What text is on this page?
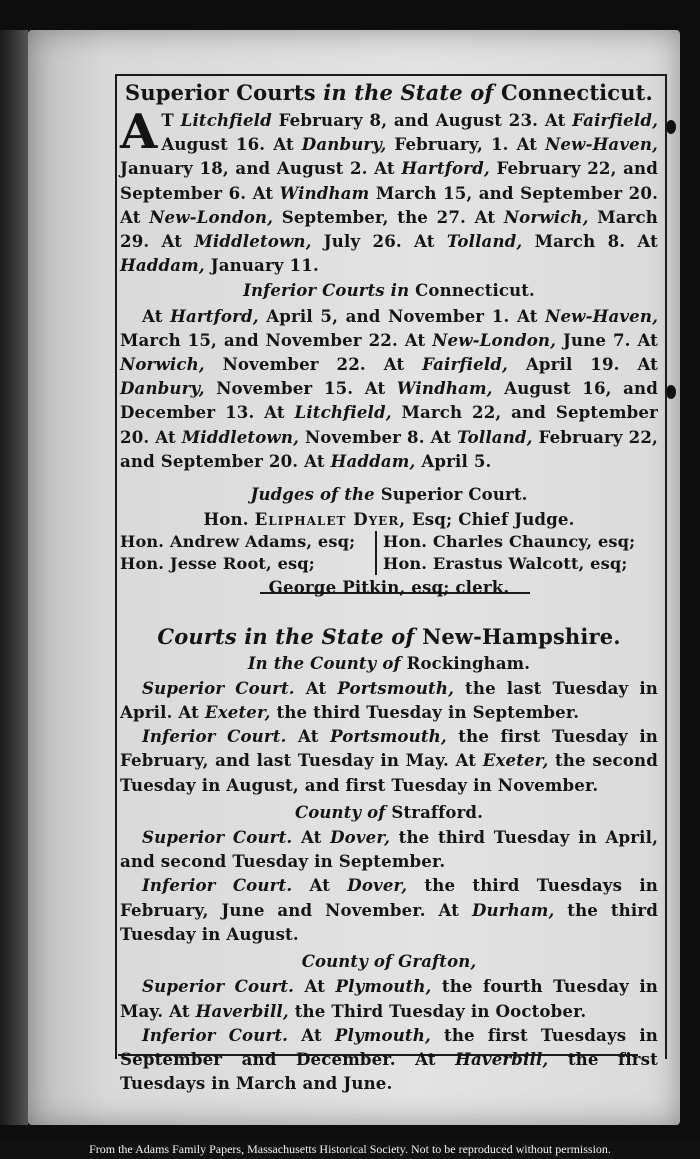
Superior Courts in the State of Connecticut.
A T Litchfield February 8, and August 23. At Fairfield, August 16. At Danbury, February, 1. At New-Haven, January 18, and August 2. At Hartford, February 22, and September 6. At Windham March 15, and September 20. At New-London, September, the 27. At Norwich, March 29. At Middletown, July 26. At Tolland, March 8. At Haddam, January 11.
Inferior Courts in Connecticut.
At Hartford, April 5, and November 1. At New-Haven, March 15, and November 22. At New-London, June 7. At Norwich, November 22. At Fairfield, April 19. At Danbury, November 15. At Windham, August 16, and December 13. At Litchfield, March 22, and September 20. At Middletown, November 8. At Tolland, February 22, and September 20. At Haddam, April 5.
Judges of the Superior Court.
Hon. Eliphalet Dyer, Esq; Chief Judge.
Hon. Andrew Adams, esq;
Hon. Jesse Root, esq;
Hon. Charles Chauncy, esq;
Hon. Erastus Walcott, esq;
George Pitkin, esq; clerk.
Courts in the State of New-Hampshire.
In the County of Rockingham.
Superior Court. At Portsmouth, the last Tuesday in April. At Exeter, the third Tuesday in September.
Inferior Court. At Portsmouth, the first Tuesday in February, and last Tuesday in May. At Exeter, the second Tuesday in August, and first Tuesday in November.
County of Strafford.
Superior Court. At Dover, the third Tuesday in April, and second Tuesday in September.
Inferior Court. At Dover, the third Tuesdays in February, June and November. At Durham, the third Tuesday in August.
County of Grafton,
Superior Court. At Plymouth, the fourth Tuesday in May. At Haverbill, the Third Tuesday in Ooctober.
Inferior Court. At Plymouth, the first Tuesdays in September and December. At Haverbill, the first Tuesdays in March and June.
From the Adams Family Papers, Massachusetts Historical Society. Not to be reproduced without permission.
